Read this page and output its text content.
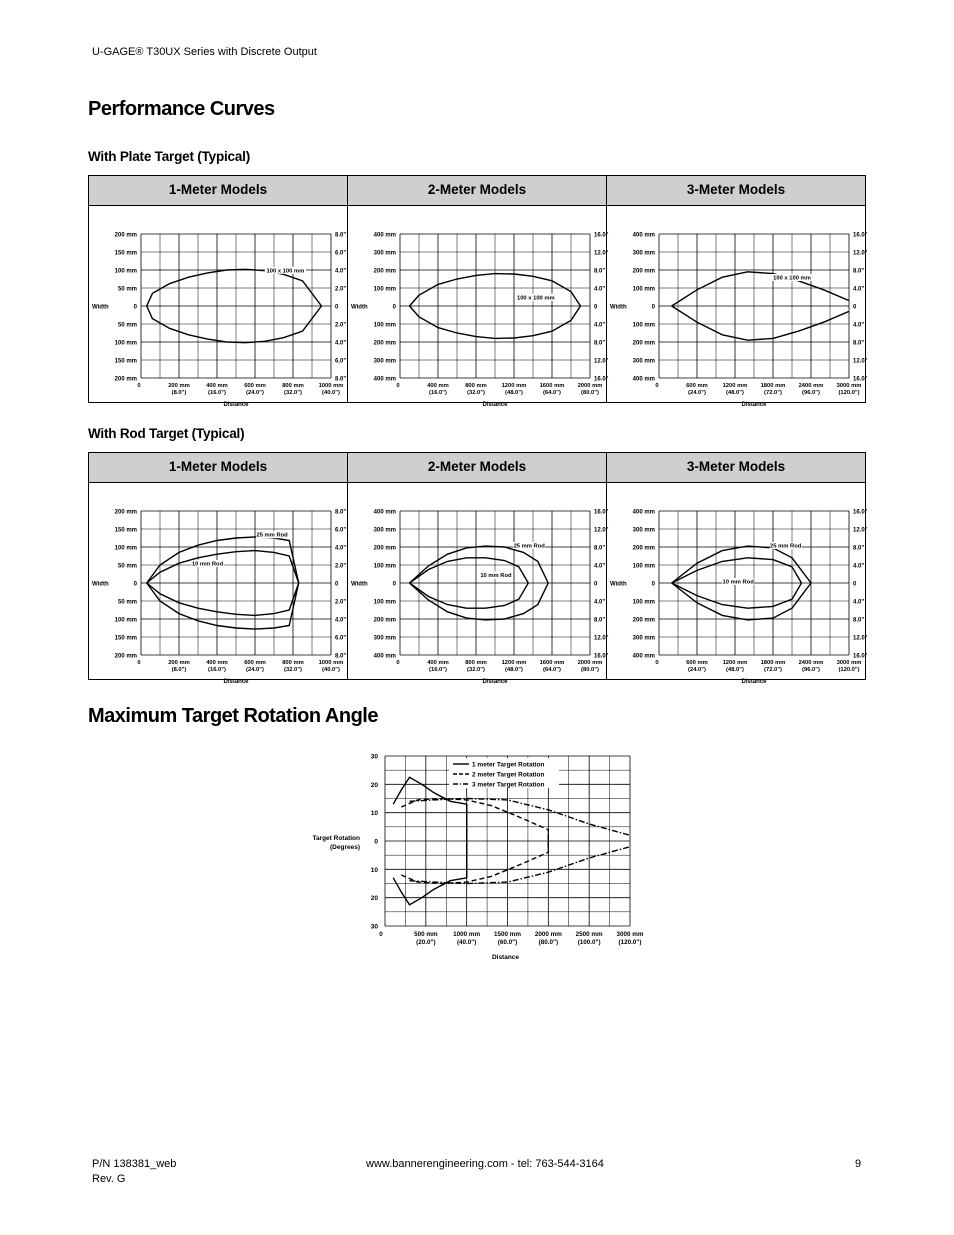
U-GAGE® T30UX Series with Discrete Output
Performance Curves
With Plate Target (Typical)
1-Meter Models	2-Meter Models	3-Meter Models
200 mm
150 mm
100 mm
50 mm
0
50 mm
100 mm
150 mm
200 mm
8.0"
6.0"
4.0"
2.0"
0
2.0"
4.0"
6.0"
8.0"
Width
0	200 mm (8.0")
400 mm (16.0")
600 mm (24.0")
800 mm (32.0")
1000 mm (40.0")
Distance
100 x 100 mm
400 mm
300 mm
200 mm
100 mm
0
100 mm
200 mm
300 mm
400 mm
16.0"
12.0"
8.0"
4.0"
0
4.0"
8.0"
12.0"
16.0"
Width
0	400 mm (16.0")
800 mm (32.0")
1200 mm (48.0")
1600 mm (64.0")
2000 mm (80.0")
Distance
100 x 100 mm
400 mm
300 mm
200 mm
100 mm
0
100 mm
200 mm
300 mm
400 mm
16.0"
12.0"
8.0"
4.0"
0
4.0"
8.0"
12.0"
16.0"
Width
0	600 mm (24.0")
1200 mm (48.0")
1800 mm (72.0")
2400 mm (96.0")
3000 mm (120.0")
Distance
100 x 100 mm
With Rod Target (Typical)
1-Meter Models	2-Meter Models	3-Meter Models
200 mm
150 mm
100 mm
50 mm
0
50 mm
100 mm
150 mm
200 mm
8.0"
6.0"
4.0"
2.0"
0
2.0"
4.0"
6.0"
8.0"
Width
0	200 mm (8.0")
400 mm (16.0")
600 mm (24.0")
800 mm (32.0")
1000 mm (40.0")
Distance
25 mm Rod
10 mm Rod
400 mm
300 mm
200 mm
100 mm
0
100 mm
200 mm
300 mm
400 mm
16.0"
12.0"
8.0"
4.0"
0
4.0"
8.0"
12.0"
16.0"
Width
0	400 mm (16.0")
800 mm (32.0")
1200 mm (48.0")
1600 mm (64.0")
2000 mm (80.0")
Distance
25 mm Rod
10 mm Rod
400 mm
300 mm
200 mm
100 mm
0
100 mm
200 mm
300 mm
400 mm
16.0"
12.0"
8.0"
4.0"
0
4.0"
8.0"
12.0"
16.0"
Width
0	600 mm (24.0")
1200 mm (48.0")
1800 mm (72.0")
2400 mm (96.0")
3000 mm (120.0")
Distance
25 mm Rod
10 mm Rod
Maximum Target Rotation Angle
30
20
10
0
10
20
30
Target Rotation
(Degrees)
0	500 mm (20.0")
1000 mm (40.0")
1500 mm (60.0")
2000 mm (80.0")
2500 mm (100.0")
3000 mm (120.0")
Distance
1 meter Target Rotation
2 meter Target Rotation
3 meter Target Rotation
P/N 138381_web
Rev. G
www.bannerengineering.com - tel: 763-544-3164	9
